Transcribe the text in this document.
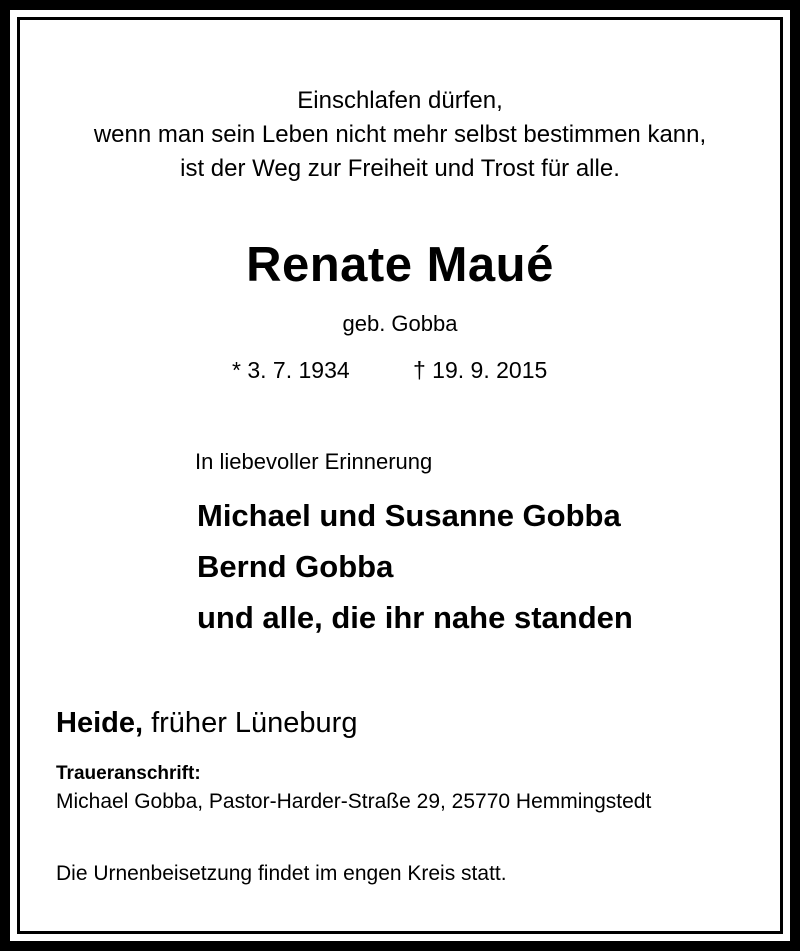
Einschlafen dürfen,
wenn man sein Leben nicht mehr selbst bestimmen kann,
ist der Weg zur Freiheit und Trost für alle.
Renate Maué
geb. Gobba
* 3. 7. 1934	† 19. 9. 2015
In liebevoller Erinnerung
Michael und Susanne Gobba
Bernd Gobba
und alle, die ihr nahe standen
Heide, früher Lüneburg
Traueranschrift:
Michael Gobba, Pastor-Harder-Straße 29, 25770 Hemmingstedt
Die Urnenbeisetzung findet im engen Kreis statt.
